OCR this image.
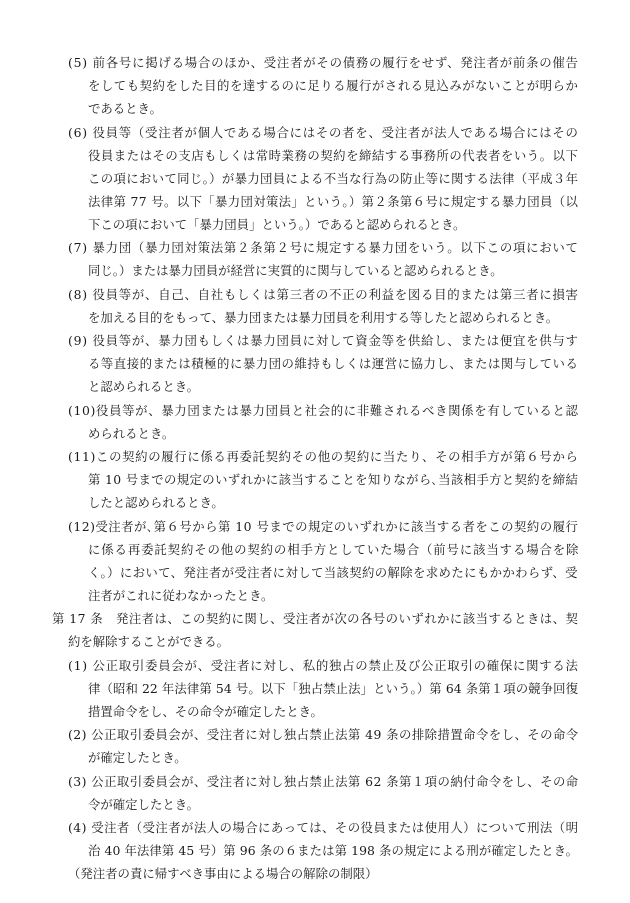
(5) 前各号に掲げる場合のほか、受注者がその債務の履行をせず、発注者が前条の催告
をしても契約をした目的を達するのに足りる履行がされる見込みがないことが明らか
であるとき。
(6) 役員等（受注者が個人である場合にはその者を、受注者が法人である場合にはその
役員またはその支店もしくは常時業務の契約を締結する事務所の代表者をいう。以下
この項において同じ。）が暴力団員による不当な行為の防止等に関する法律（平成３年
法律第 77 号。以下「暴力団対策法」という。）第２条第６号に規定する暴力団員（以
下この項において「暴力団員」という。）であると認められるとき。
(7) 暴力団（暴力団対策法第２条第２号に規定する暴力団をいう。以下この項において
同じ。）または暴力団員が経営に実質的に関与していると認められるとき。
(8) 役員等が、自己、自社もしくは第三者の不正の利益を図る目的または第三者に損害
を加える目的をもって、暴力団または暴力団員を利用する等したと認められるとき。
(9) 役員等が、暴力団もしくは暴力団員に対して資金等を供給し、または便宜を供与す
る等直接的または積極的に暴力団の維持もしくは運営に協力し、または関与している
と認められるとき。
(10)役員等が、暴力団または暴力団員と社会的に非難されるべき関係を有していると認
められるとき。
(11)この契約の履行に係る再委託契約その他の契約に当たり、その相手方が第６号から
第 10 号までの規定のいずれかに該当することを知りながら､当該相手方と契約を締結
したと認められるとき。
(12)受注者が､第６号から第 10 号までの規定のいずれかに該当する者をこの契約の履行
に係る再委託契約その他の契約の相手方としていた場合（前号に該当する場合を除
く。）において、発注者が受注者に対して当該契約の解除を求めたにもかかわらず、受
注者がこれに従わなかったとき。
第 17 条　発注者は、この契約に関し、受注者が次の各号のいずれかに該当するときは、契
約を解除することができる。
(1) 公正取引委員会が、受注者に対し、私的独占の禁止及び公正取引の確保に関する法
律（昭和 22 年法律第 54 号。以下「独占禁止法」という。）第 64 条第１項の競争回復
措置命令をし、その命令が確定したとき。
(2) 公正取引委員会が、受注者に対し独占禁止法第 49 条の排除措置命令をし、その命令
が確定したとき。
(3) 公正取引委員会が、受注者に対し独占禁止法第 62 条第１項の納付命令をし、その命
令が確定したとき。
(4) 受注者（受注者が法人の場合にあっては、その役員または使用人）について刑法（明
治 40 年法律第 45 号）第 96 条の６または第 198 条の規定による刑が確定したとき。
（発注者の責に帰すべき事由による場合の解除の制限）
